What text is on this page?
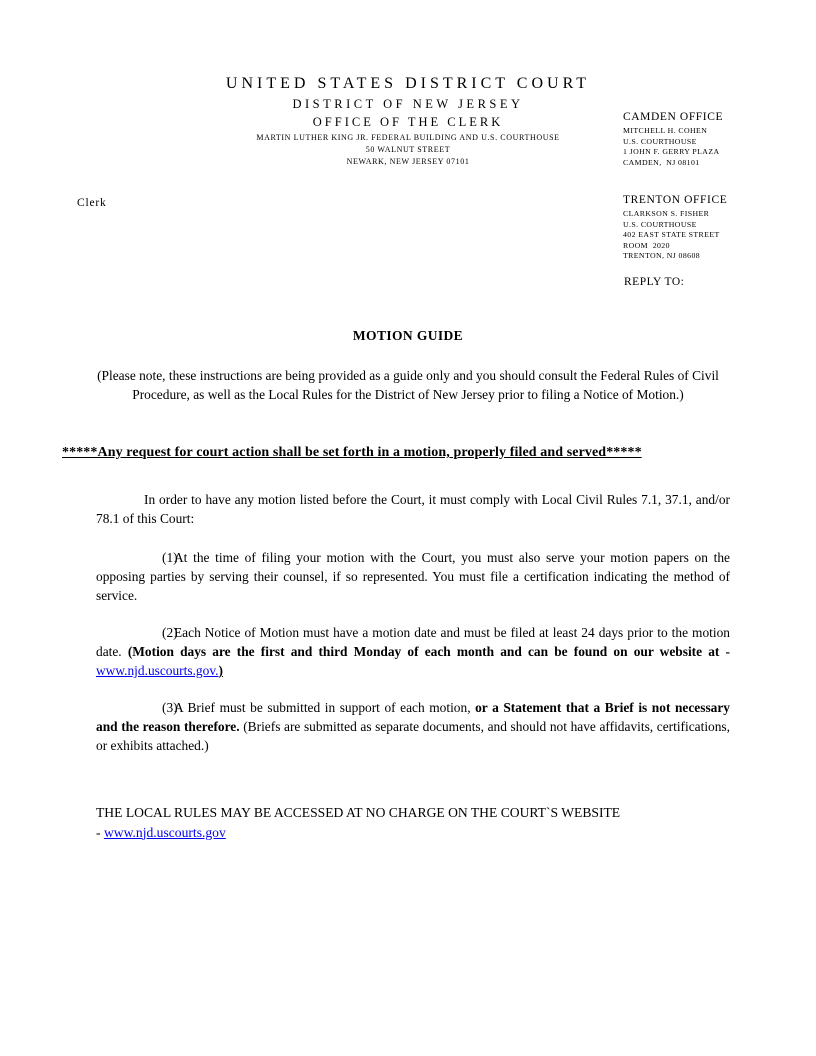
UNITED STATES DISTRICT COURT
DISTRICT OF NEW JERSEY
OFFICE OF THE CLERK
MARTIN LUTHER KING JR. FEDERAL BUILDING AND U.S. COURTHOUSE
50 WALNUT STREET
NEWARK, NEW JERSEY 07101
Clerk
CAMDEN OFFICE
MITCHELL H. COHEN
U.S. COURTHOUSE
1 JOHN F. GERRY PLAZA
CAMDEN,  NJ 08101
TRENTON OFFICE
CLARKSON S. FISHER
U.S. COURTHOUSE
402 EAST STATE STREET
ROOM  2020
TRENTON, NJ 08608
REPLY TO:
MOTION GUIDE
(Please note, these instructions are being provided as a guide only and you should consult the Federal Rules of Civil Procedure, as well as the Local Rules for the District of New Jersey prior to filing a Notice of Motion.)
*****Any request for court action shall be set forth in a motion, properly filed and served*****
In order to have any motion listed before the Court, it must comply with Local Civil Rules 7.1, 37.1, and/or 78.1 of this Court:
(1)At the time of filing your motion with the Court, you must also serve your motion papers on the opposing parties by serving their counsel, if so represented. You must file a certification indicating the method of service.
(2)Each Notice of Motion must have a motion date and must be filed at least 24 days prior to the motion date. (Motion days are the first and third Monday of each month and can be found on our website at - www.njd.uscourts.gov.)
(3)A Brief must be submitted in support of each motion, or a Statement that a Brief is not necessary and the reason therefore. (Briefs are submitted as separate documents, and should not have affidavits, certifications, or exhibits attached.)
THE LOCAL RULES MAY BE ACCESSED AT NO CHARGE ON THE COURT`S WEBSITE
- www.njd.uscourts.gov
